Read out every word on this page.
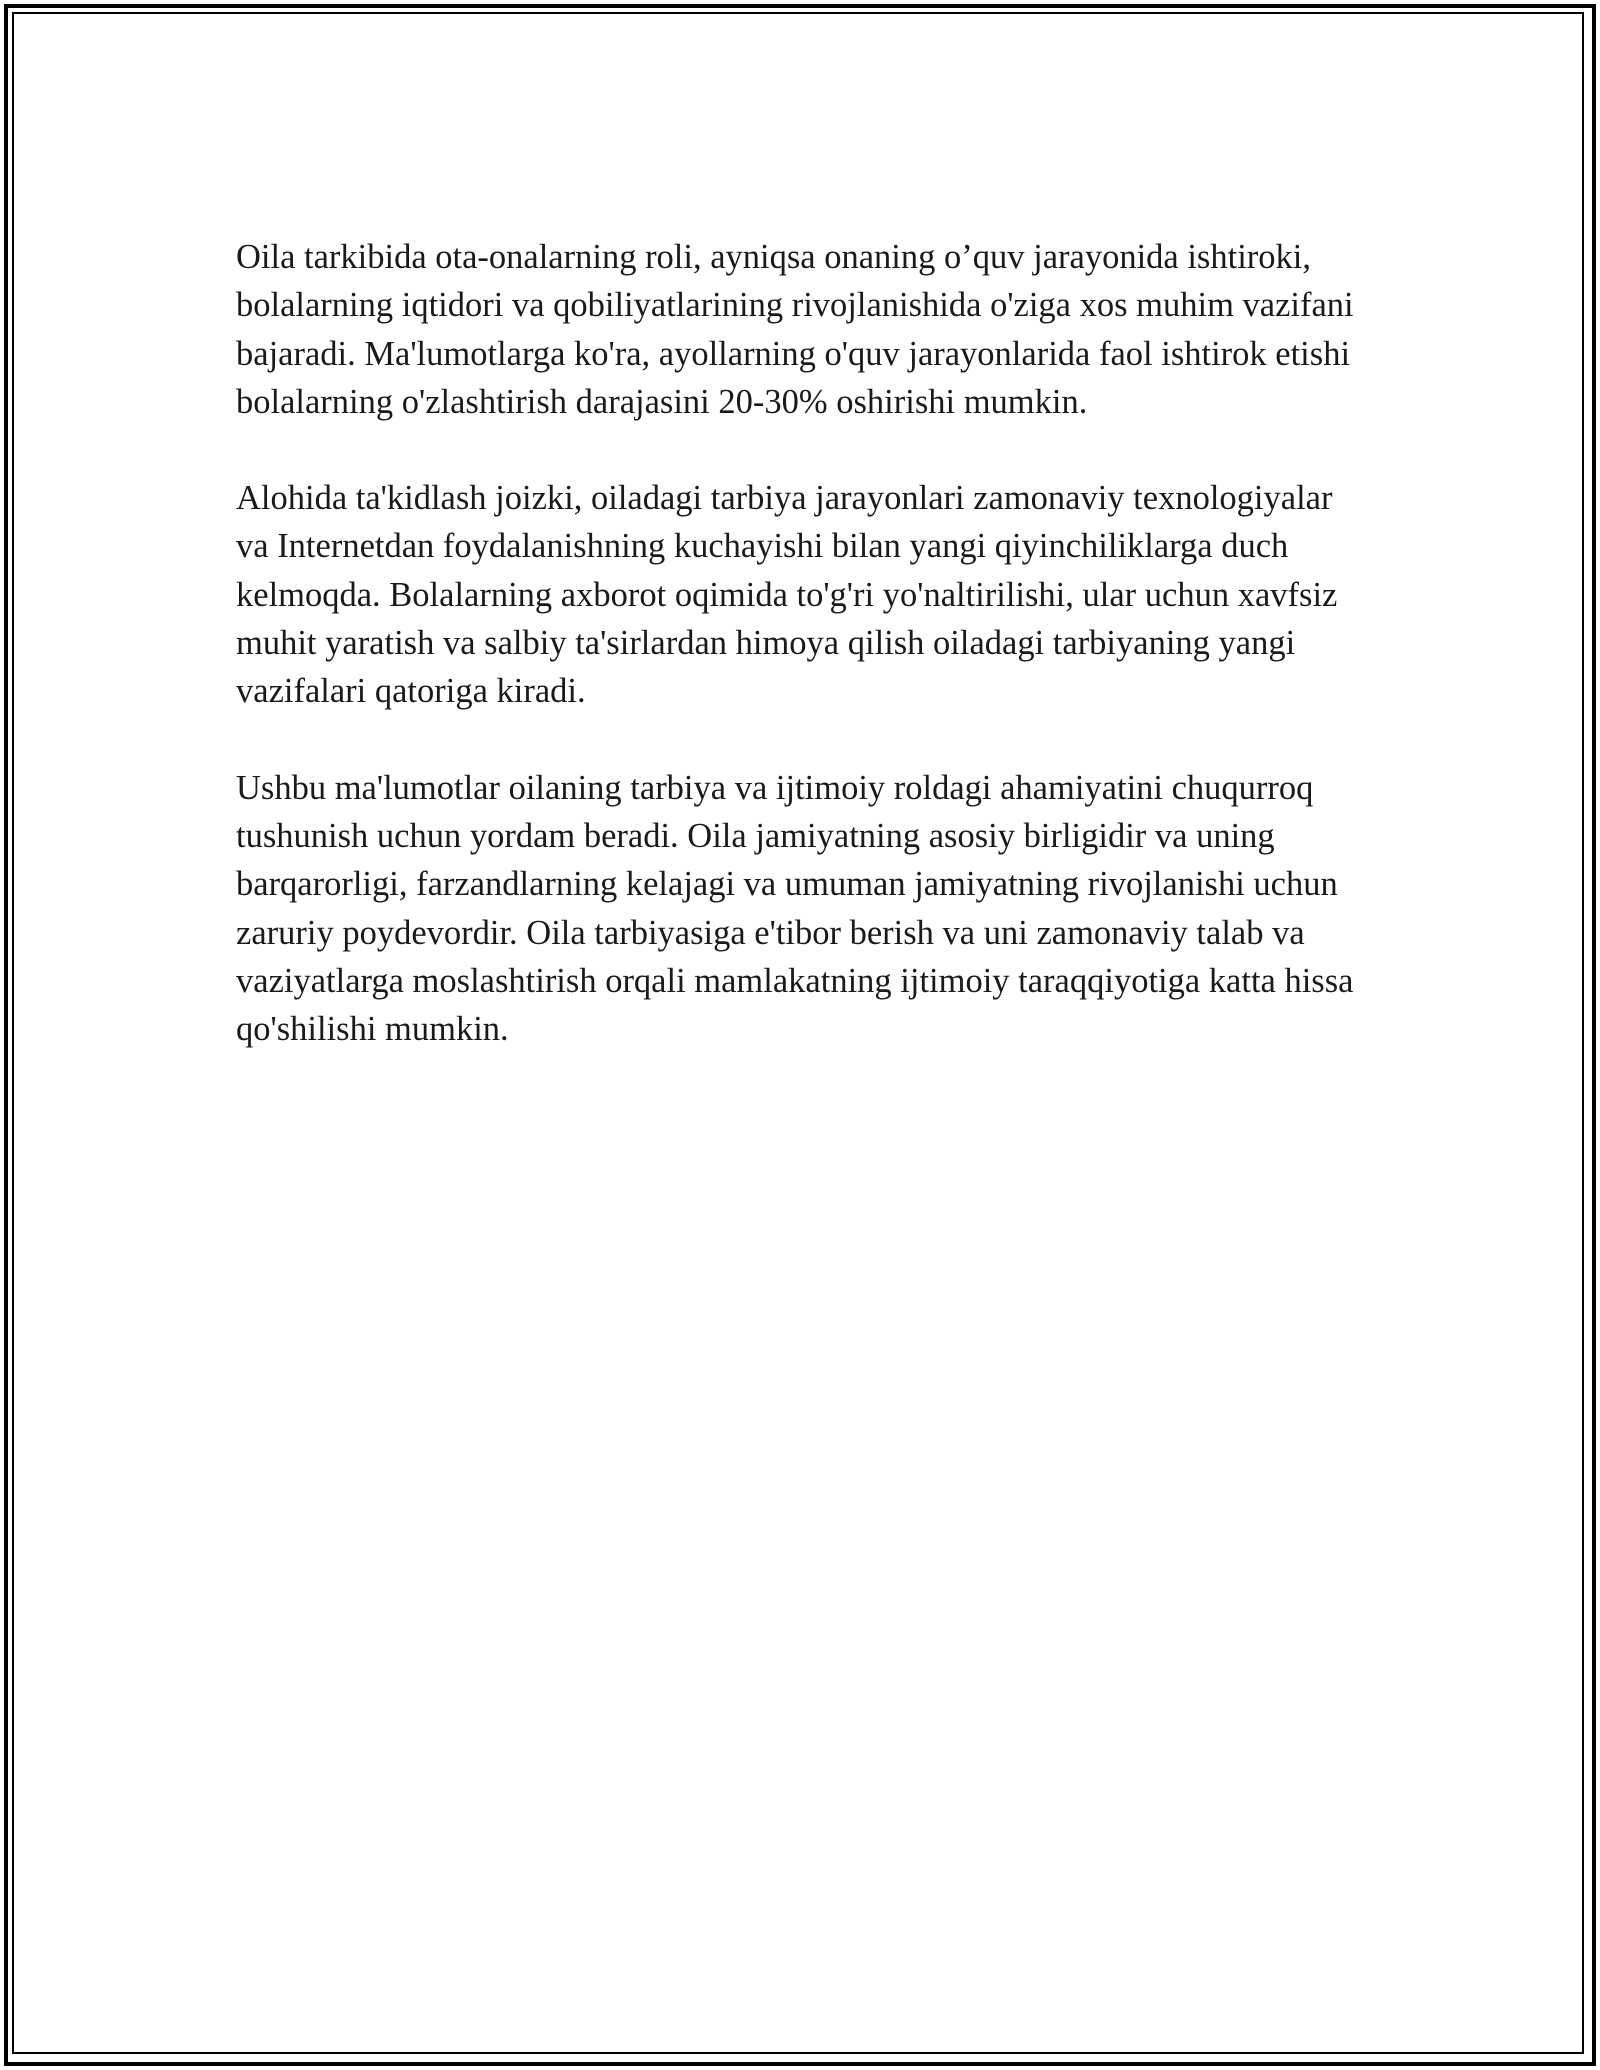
Oila tarkibida ota-onalarning roli, ayniqsa onaning o’quv jarayonida ishtiroki, bolalarning iqtidori va qobiliyatlarining rivojlanishida o'ziga xos muhim vazifani bajaradi. Ma'lumotlarga ko'ra, ayollarning o'quv jarayonlarida faol ishtirok etishi bolalarning o'zlashtirish darajasini 20-30% oshirishi mumkin.

Alohida ta'kidlash joizki, oiladagi tarbiya jarayonlari zamonaviy texnologiyalar va Internetdan foydalanishning kuchayishi bilan yangi qiyinchiliklarga duch kelmoqda. Bolalarning axborot oqimida to'g'ri yo'naltirilishi, ular uchun xavfsiz muhit yaratish va salbiy ta'sirlardan himoya qilish oiladagi tarbiyaning yangi vazifalari qatoriga kiradi.

Ushbu ma'lumotlar oilaning tarbiya va ijtimoiy roldagi ahamiyatini chuqurroq tushunish uchun yordam beradi. Oila jamiyatning asosiy birligidir va uning barqarorligi, farzandlarning kelajagi va umuman jamiyatning rivojlanishi uchun zaruriy poydevordir. Oila tarbiyasiga e'tibor berish va uni zamonaviy talab va vaziyatlarga moslashtirish orqali mamlakatning ijtimoiy taraqqiyotiga katta hissa qo'shilishi mumkin.
